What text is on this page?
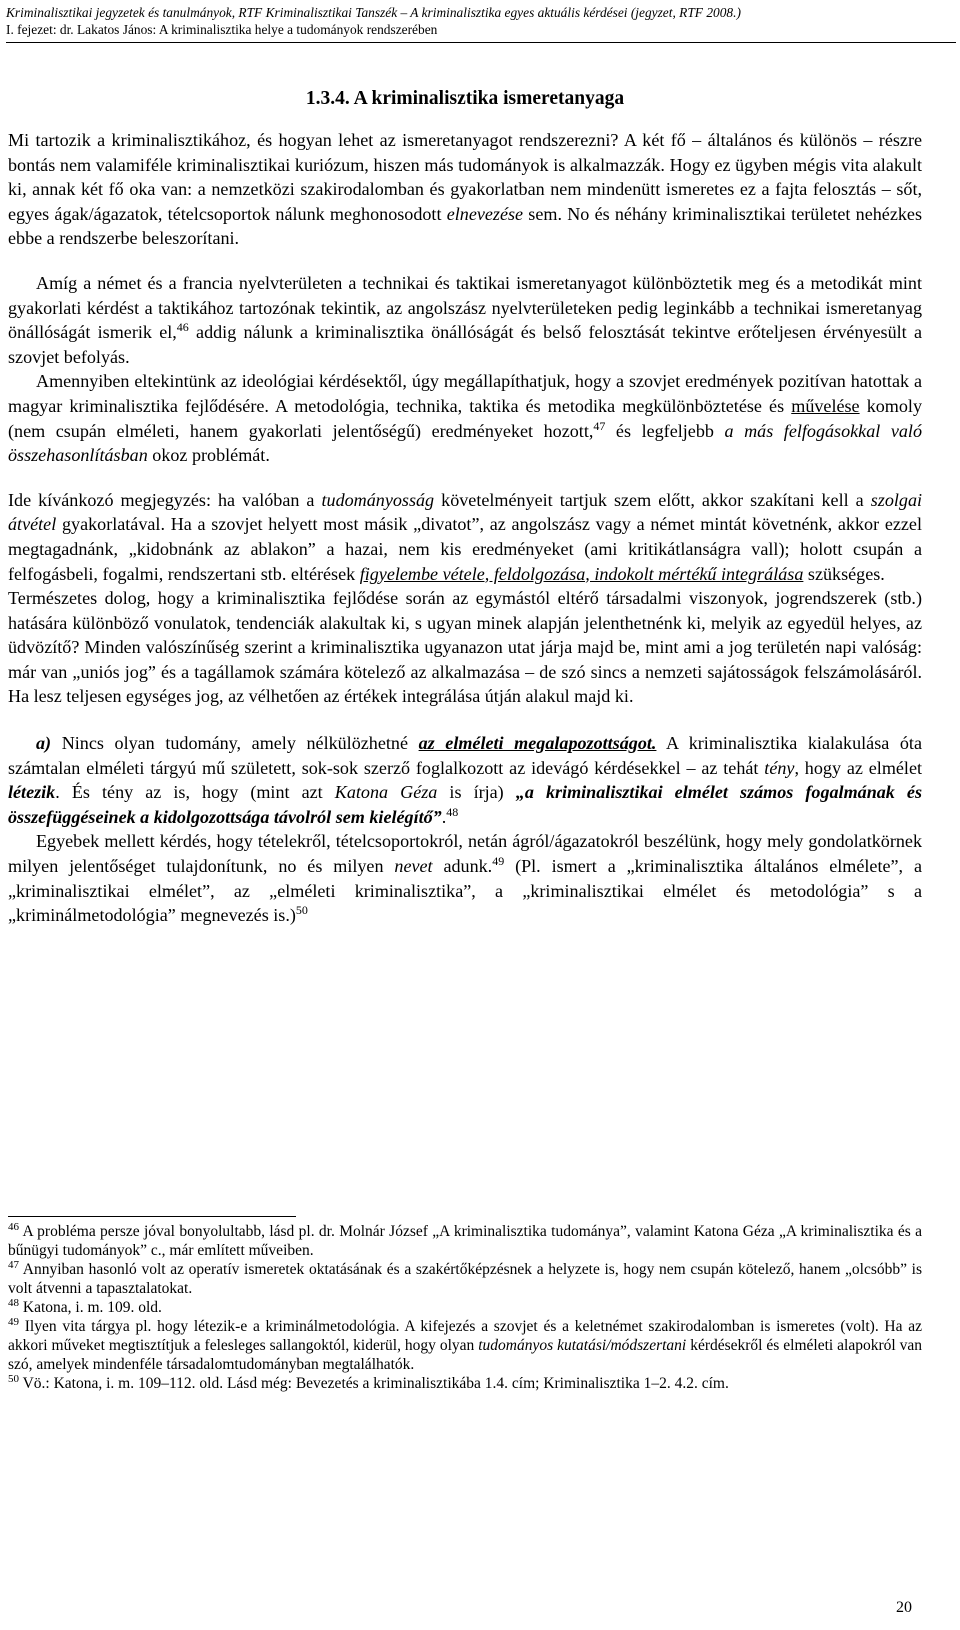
Kriminalisztikai jegyzetek és tanulmányok, RTF Kriminalisztikai Tanszék – A kriminalisztika egyes aktuális kérdései (jegyzet, RTF 2008.)
I. fejezet: dr. Lakatos János: A kriminalisztika helye a tudományok rendszerében
1.3.4. A kriminalisztika ismeretanyaga

Mi tartozik a kriminalisztikához, és hogyan lehet az ismeretanyagot rendszerezni? A két fő – általános és különös – részre bontás nem valamiféle kriminalisztikai kuriózum, hiszen más tudományok is alkalmazzák. Hogy ez ügyben mégis vita alakult ki, annak két fő oka van: a nemzetközi szakirodalomban és gyakorlatban nem mindenütt ismeretes ez a fajta felosztás – sőt, egyes ágak/ágazatok, tételcsoportok nálunk meghonosodott elnevezése sem. No és néhány kriminalisztikai területet nehézkes ebbe a rendszerbe beleszorítani.

Amíg a német és a francia nyelvterületen a technikai és taktikai ismeretanyagot különböztetik meg és a metodikát mint gyakorlati kérdést a taktikához tartozónak tekintik, az angolszász nyelvterületeken pedig leginkább a technikai ismeretanyag önállóságát ismerik el,$^{46}$ addig nálunk a kriminalisztika önállóságát és belső felosztását tekintve erőteljesen érvényesült a szovjet befolyás.

Amennyiben eltekintünk az ideológiai kérdésektől, úgy megállapíthatjuk, hogy a szovjet eredmények pozitívan hatottak a magyar kriminalisztika fejlődésére. A metodológia, technika, taktika és metodika megkülönböztetése és művelése komoly (nem csupán elméleti, hanem gyakorlati jelentőségű) eredményeket hozott,$^{47}$ és legfeljebb a más felfogásokkal való összehasonlításban okoz problémát.

Ide kívánkozó megjegyzés: ha valóban a tudományosság követelményeit tartjuk szem előtt, akkor szakítani kell a szolgai átvétel gyakorlatával. Ha a szovjet helyett most másik „divatot”, az angolszász vagy a német mintát követnénk, akkor ezzel megtagadnánk, „kidobnánk az ablakon” a hazai, nem kis eredményeket (ami kritikátlanságra vall); holott csupán a felfogásbeli, fogalmi, rendszertani stb. eltérések figyelembe vétele, feldolgozása, indokolt mértékű integrálása szükséges.

Természetes dolog, hogy a kriminalisztika fejlődése során az egymástól eltérő társadalmi viszonyok, jogrendszerek (stb.) hatására különböző vonulatok, tendenciák alakultak ki, s ugyan minek alapján jelenthetnénk ki, melyik az egyedül helyes, az üdvözítő? Minden valószínűség szerint a kriminalisztika ugyanazon utat járja majd be, mint ami a jog területén napi valóság: már van „uniós jog” és a tagállamok számára kötelező az alkalmazása – de szó sincs a nemzeti sajátosságok felszámolásáról. Ha lesz teljesen egységes jog, az vélhetően az értékek integrálása útján alakul majd ki.

a) Nincs olyan tudomány, amely nélkülözhetné az elméleti megalapozottságot. A kriminalisztika kialakulása óta számtalan elméleti tárgyú mű született, sok-sok szerző foglalkozott az idevágó kérdésekkel – az tehát tény, hogy az elmélet létezik. És tény az is, hogy (mint azt Katona Géza is írja) „a kriminalisztikai elmélet számos fogalmának és összefüggéseinek a kidolgozottsága távolról sem kielégítő”.$^{48}$

Egyebek mellett kérdés, hogy tételekről, tételcsoportokról, netán ágról/ágazatokról beszélünk, hogy mely gondolatkörnek milyen jelentőséget tulajdonítunk, no és milyen nevet adunk.$^{49}$ (Pl. ismert a „kriminalisztika általános elmélete”, a „kriminalisztikai elmélet”, az „elméleti kriminalisztika”, a „kriminalisztikai elmélet és metodológia” s a „kriminálmetodológia” megnevezés is.)$^{50}$

$^{46}$ A probléma persze jóval bonyolultabb, lásd pl. dr. Molnár József „A kriminalisztika tudománya”, valamint Katona Géza „A kriminalisztika és a bűnügyi tudományok” c., már említett műveiben.

$^{47}$ Annyiban hasonló volt az operatív ismeretek oktatásának és a szakértőképzésnek a helyzete is, hogy nem csupán kötelező, hanem „olcsóbb” is volt átvenni a tapasztalatokat.

$^{48}$ Katona, i. m. 109. old.

$^{49}$ Ilyen vita tárgya pl. hogy létezik-e a kriminálmetodológia. A kifejezés a szovjet és a keletnémet szakirodalomban is ismeretes (volt). Ha az akkori műveket megtisztítjuk a felesleges sallangoktól, kiderül, hogy olyan tudományos kutatási/módszertani kérdésekről és elméleti alapokról van szó, amelyek mindenféle társadalomtudományban megtalálhatók.

$^{50}$ Vö.: Katona, i. m. 109–112. old. Lásd még: Bevezetés a kriminalisztikába 1.4. cím; Kriminalisztika 1–2. 4.2. cím.

20
